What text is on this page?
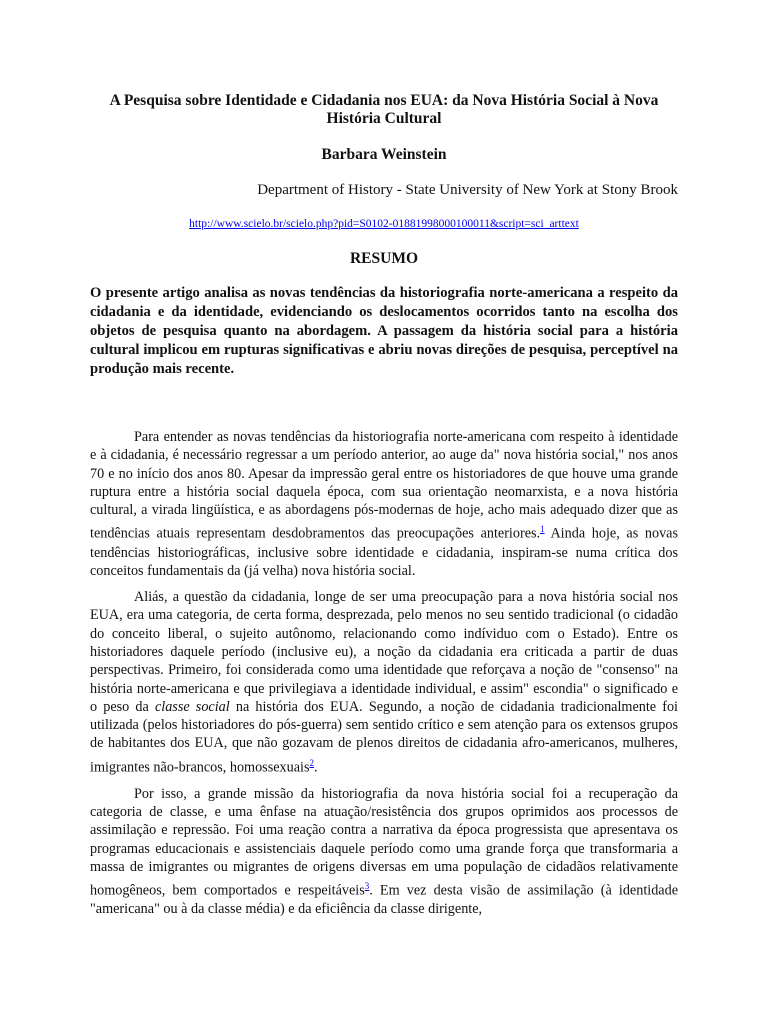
A Pesquisa sobre Identidade e Cidadania nos EUA: da Nova História Social à Nova História Cultural
Barbara Weinstein
Department of History - State University of New York at Stony Brook
http://www.scielo.br/scielo.php?pid=S0102-01881998000100011&script=sci_arttext
RESUMO

O presente artigo analisa as novas tendências da historiografia norte-americana a respeito da cidadania e da identidade, evidenciando os deslocamentos ocorridos tanto na escolha dos objetos de pesquisa quanto na abordagem. A passagem da história social para a história cultural implicou em rupturas significativas e abriu novas direções de pesquisa, perceptível na produção mais recente.

Para entender as novas tendências da historiografia norte-americana com respeito à identidade e à cidadania, é necessário regressar a um período anterior, ao auge da" nova história social," nos anos 70 e no início dos anos 80. Apesar da impressão geral entre os historiadores de que houve uma grande ruptura entre a história social daquela época, com sua orientação neomarxista, e a nova história cultural, a virada lingüística, e as abordagens pós-modernas de hoje, acho mais adequado dizer que as tendências atuais representam desdobramentos das preocupações anteriores.$^1$ Ainda hoje, as novas tendências historiográficas, inclusive sobre identidade e cidadania, inspiram-se numa crítica dos conceitos fundamentais da (já velha) nova história social.

Aliás, a questão da cidadania, longe de ser uma preocupação para a nova história social nos EUA, era uma categoria, de certa forma, desprezada, pelo menos no seu sentido tradicional (o cidadão do conceito liberal, o sujeito autônomo, relacionando como indíviduo com o Estado). Entre os historiadores daquele período (inclusive eu), a noção da cidadania era criticada a partir de duas perspectivas. Primeiro, foi considerada como uma identidade que reforçava a noção de "consenso" na história norte-americana e que privilegiava a identidade individual, e assim" escondia" o significado e o peso da classe social na história dos EUA. Segundo, a noção de cidadania tradicionalmente foi utilizada (pelos historiadores do pós-guerra) sem sentido crítico e sem atenção para os extensos grupos de habitantes dos EUA, que não gozavam de plenos direitos de cidadania afro-americanos, mulheres, imigrantes não-brancos, homossexuais$^2$.

Por isso, a grande missão da historiografia da nova história social foi a recuperação da categoria de classe, e uma ênfase na atuação/resistência dos grupos oprimidos aos processos de assimilação e repressão. Foi uma reação contra a narrativa da época progressista que apresentava os programas educacionais e assistenciais daquele período como uma grande força que transformaria a massa de imigrantes ou migrantes de origens diversas em uma população de cidadãos relativamente homogêneos, bem comportados e respeitáveis$^3$. Em vez desta visão de assimilação (à identidade "americana" ou à da classe média) e da eficiência da classe dirigente,
